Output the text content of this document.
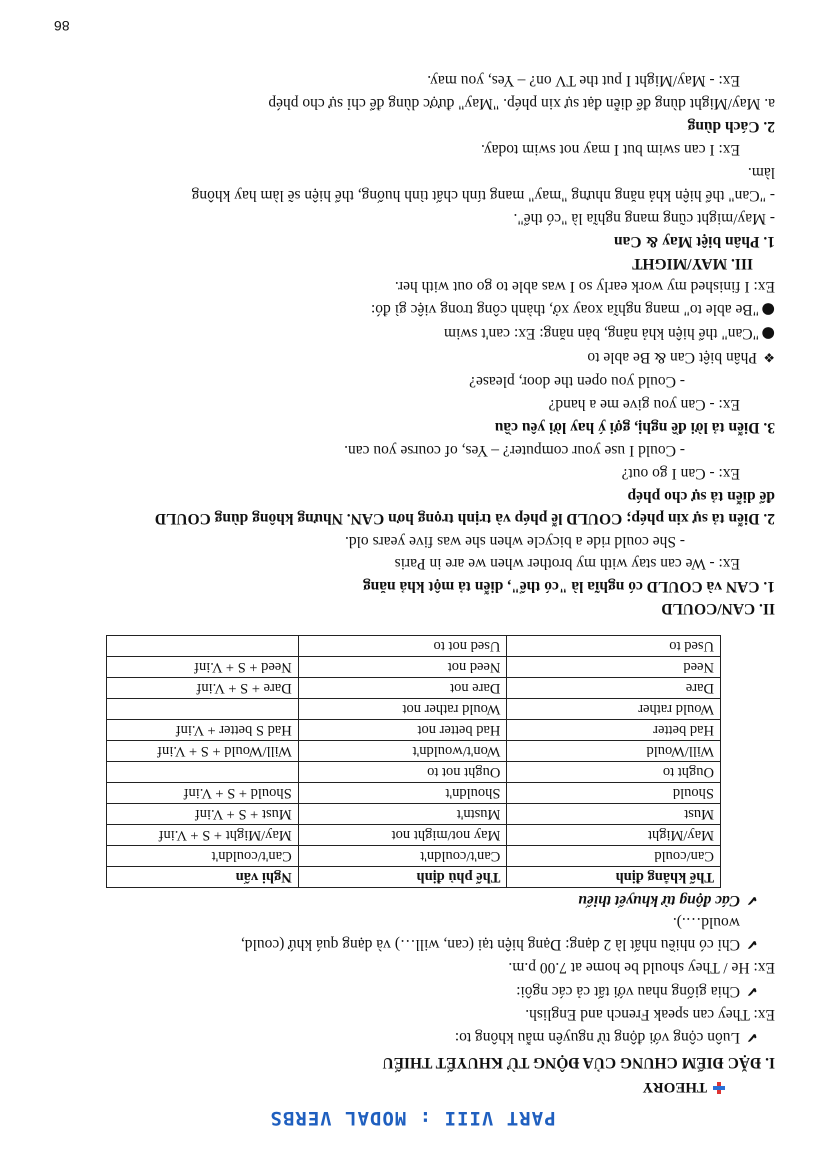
PART VIII : MODAL VERBS
THEORY
I. ĐẶC ĐIỂM CHUNG CỦA ĐỘNG TỪ KHUYẾT THIẾU
✔Luôn cộng với động từ nguyên mẫu không to:
Ex: They can speak French and English.
✔Chia giống nhau với tất cả các ngôi:
Ex: He / They should be home at 7.00 p.m.
✔Chỉ có nhiều nhất là 2 dạng: Dạng hiện tại (can, will…) và dạng quá khứ (could,
would….).
✔Các động từ khuyết thiếu
Thể khẳng định	Thể phủ định	Nghi vấn
Can/could	Can't/couldn't	Can't/couldn't
May/Might	May not/might not	May/Might + S + V.inf
Must	Mustn't	Must + S + V.inf
Should	Shouldn't	Should + S + V.inf
Ought to	Ought not to	
Will/Would	Won't/wouldn't	Will/Would + S + V.inf
Had better	Had better not	Had S better + V.inf
Would rather	Would rather not	
Dare	Dare not	Dare + S + V.inf
Need	Need not	Need + S + V.inf
Used to	Used not to	
II. CAN/COULD
1. CAN và COULD có nghĩa là "có thể", diễn tả một khả năng
Ex: - We can stay with my brother when we are in Paris
- She could ride a bicycle when she was five years old.
2. Diễn tả sự xin phép; COULD lễ phép và trịnh trọng hơn CAN. Nhưng không dùng COULD
để diễn tả sự cho phép
Ex: - Can I go out?
- Could I use your computer? – Yes, of course you can.
3. Diễn tả lời đề nghị, gợi ý hay lời yêu cầu
Ex: - Can you give me a hand?
- Could you open the door, please?
❖Phân biệt Can & Be able to
●"Can" thể hiện khả năng, bản năng: Ex: can't swim
●"Be able to" mang nghĩa xoay xở, thành công trong việc gì đó:
Ex: I finished my work early so I was able to go out with her.
III. MAY/MIGHT
1. Phân biệt May & Can
- May/might cũng mang nghĩa là "có thể".
- "Can" thể hiện khả năng nhưng "may" mang tính chất tình huống, thể hiện sẽ làm hay không
làm.
Ex: I can swim but I may not swim today.
2. Cách dùng
a. May/Might dùng để diễn đạt sự xin phép. "May" được dùng để chỉ sự cho phép
Ex: - May/Might I put the TV on? – Yes, you may.
86
